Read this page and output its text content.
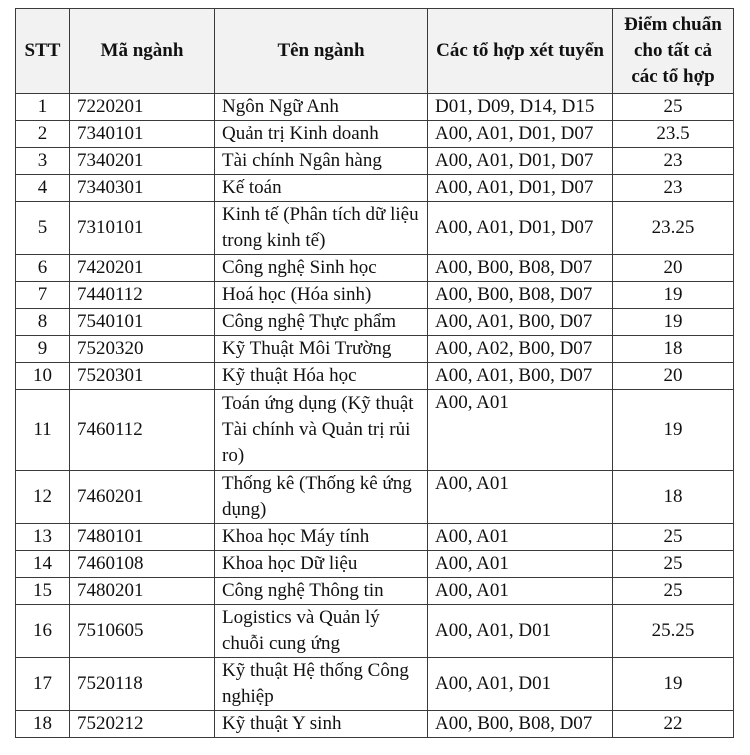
STT	Mã ngành	Tên ngành	Các tổ hợp xét tuyển	Điểm chuẩn cho tất cả các tổ hợp
1	7220201	Ngôn Ngữ Anh	D01, D09, D14, D15	25
2	7340101	Quản trị Kinh doanh	A00, A01, D01, D07	23.5
3	7340201	Tài chính Ngân hàng	A00, A01, D01, D07	23
4	7340301	Kế toán	A00, A01, D01, D07	23
5	7310101	Kinh tế (Phân tích dữ liệu trong kinh tế)	A00, A01, D01, D07	23.25
6	7420201	Công nghệ Sinh học	A00, B00, B08, D07	20
7	7440112	Hoá học (Hóa sinh)	A00, B00, B08, D07	19
8	7540101	Công nghệ Thực phẩm	A00, A01, B00, D07	19
9	7520320	Kỹ Thuật Môi Trường	A00, A02, B00, D07	18
10	7520301	Kỹ thuật Hóa học	A00, A01, B00, D07	20
11	7460112	Toán ứng dụng (Kỹ thuật Tài chính và Quản trị rủi ro)	A00, A01	19
12	7460201	Thống kê (Thống kê ứng dụng)	A00, A01	18
13	7480101	Khoa học Máy tính	A00, A01	25
14	7460108	Khoa học Dữ liệu	A00, A01	25
15	7480201	Công nghệ Thông tin	A00, A01	25
16	7510605	Logistics và Quản lý chuỗi cung ứng	A00, A01, D01	25.25
17	7520118	Kỹ thuật Hệ thống Công nghiệp	A00, A01, D01	19
18	7520212	Kỹ thuật Y sinh	A00, B00, B08, D07	22
